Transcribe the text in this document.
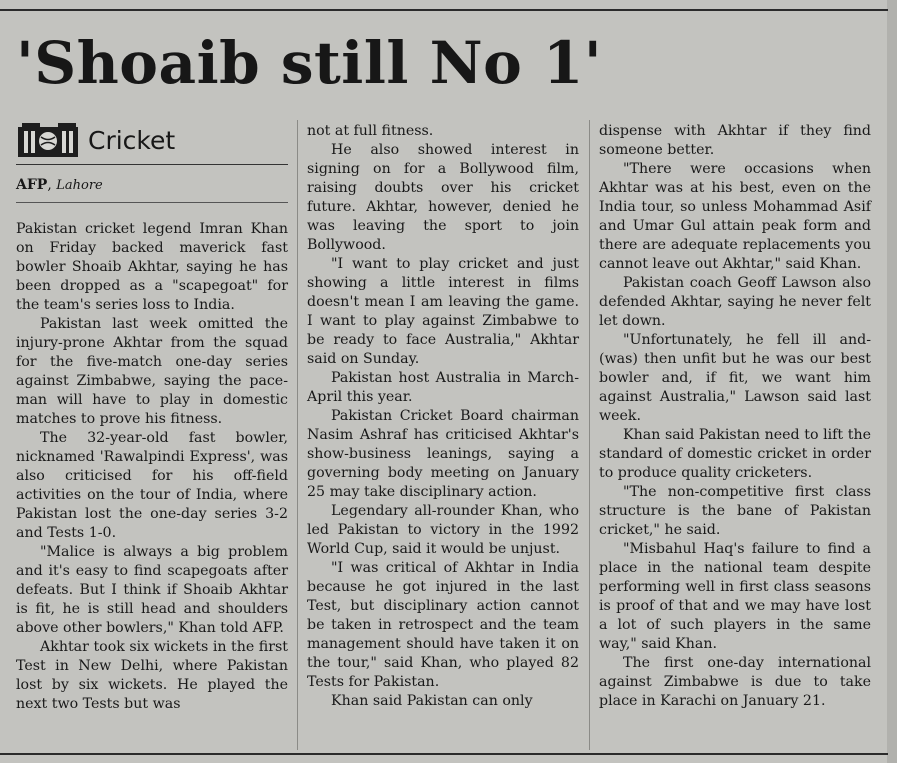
'Shoaib still No 1'
Cricket
AFP, Lahore

Pakistan cricket legend Imran Khan on Friday backed maverick fast bowler Shoaib Akhtar, saying he has been dropped as a "scapegoat" for the team's series loss to India.

Pakistan last week omitted the injury-prone Akhtar from the squad for the five-match one-day series against Zimbabwe, saying the pace-man will have to play in domestic matches to prove his fitness.

The 32-year-old fast bowler, nicknamed 'Rawalpindi Express', was also criticised for his off-field activities on the tour of India, where Pakistan lost the one-day series 3-2 and Tests 1-0.

"Malice is always a big problem and it's easy to find scapegoats after defeats. But I think if Shoaib Akhtar is fit, he is still head and shoulders above other bowlers," Khan told AFP.

Akhtar took six wickets in the first Test in New Delhi, where Pakistan lost by six wickets. He played the next two Tests but was

not at full fitness.

He also showed interest in signing on for a Bollywood film, raising doubts over his cricket future. Akhtar, however, denied he was leaving the sport to join Bollywood.

"I want to play cricket and just showing a little interest in films doesn't mean I am leaving the game. I want to play against Zimbabwe to be ready to face Australia," Akhtar said on Sunday.

Pakistan host Australia in March-April this year.

Pakistan Cricket Board chairman Nasim Ashraf has criticised Akhtar's show-business leanings, saying a governing body meeting on January 25 may take disciplinary action.

Legendary all-rounder Khan, who led Pakistan to victory in the 1992 World Cup, said it would be unjust.

"I was critical of Akhtar in India because he got injured in the last Test, but disciplinary action cannot be taken in retrospect and the team management should have taken it on the tour," said Khan, who played 82 Tests for Pakistan.

Khan said Pakistan can only

dispense with Akhtar if they find someone better.

"There were occasions when Akhtar was at his best, even on the India tour, so unless Mohammad Asif and Umar Gul attain peak form and there are adequate replacements you cannot leave out Akhtar," said Khan.

Pakistan coach Geoff Lawson also defended Akhtar, saying he never felt let down.

"Unfortunately, he fell ill and-(was) then unfit but he was our best bowler and, if fit, we want him against Australia," Lawson said last week.

Khan said Pakistan need to lift the standard of domestic cricket in order to produce quality cricketers.

"The non-competitive first class structure is the bane of Pakistan cricket," he said.

"Misbahul Haq's failure to find a place in the national team despite performing well in first class seasons is proof of that and we may have lost a lot of such players in the same way," said Khan.

The first one-day international against Zimbabwe is due to take place in Karachi on January 21.
